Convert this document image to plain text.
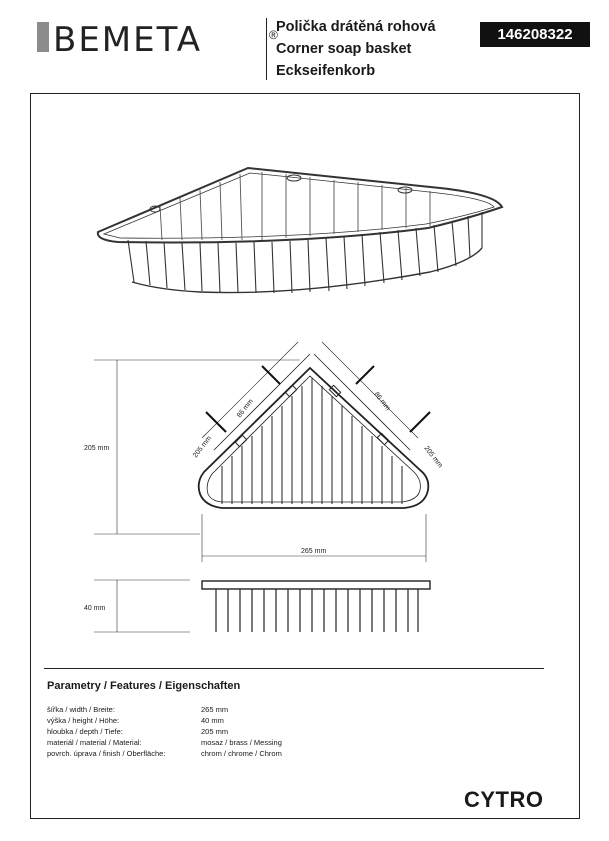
BEMETA	®
Polička drátěná rohová
Corner soap basket
Eckseifenkorb
146208322
205 mm
265 mm
40 mm
205 mm	205 mm
86 mm	86 mm
Parametry / Features / Eigenschaften
šířka / width / Breite:	265 mm
výška / height / Höhe:	40 mm
hloubka / depth / Tiefe:	205 mm
materiál / material / Material:	mosaz / brass / Messing
povrch. úprava / finish / Oberfläche:	chrom / chrome / Chrom
CYTRO
